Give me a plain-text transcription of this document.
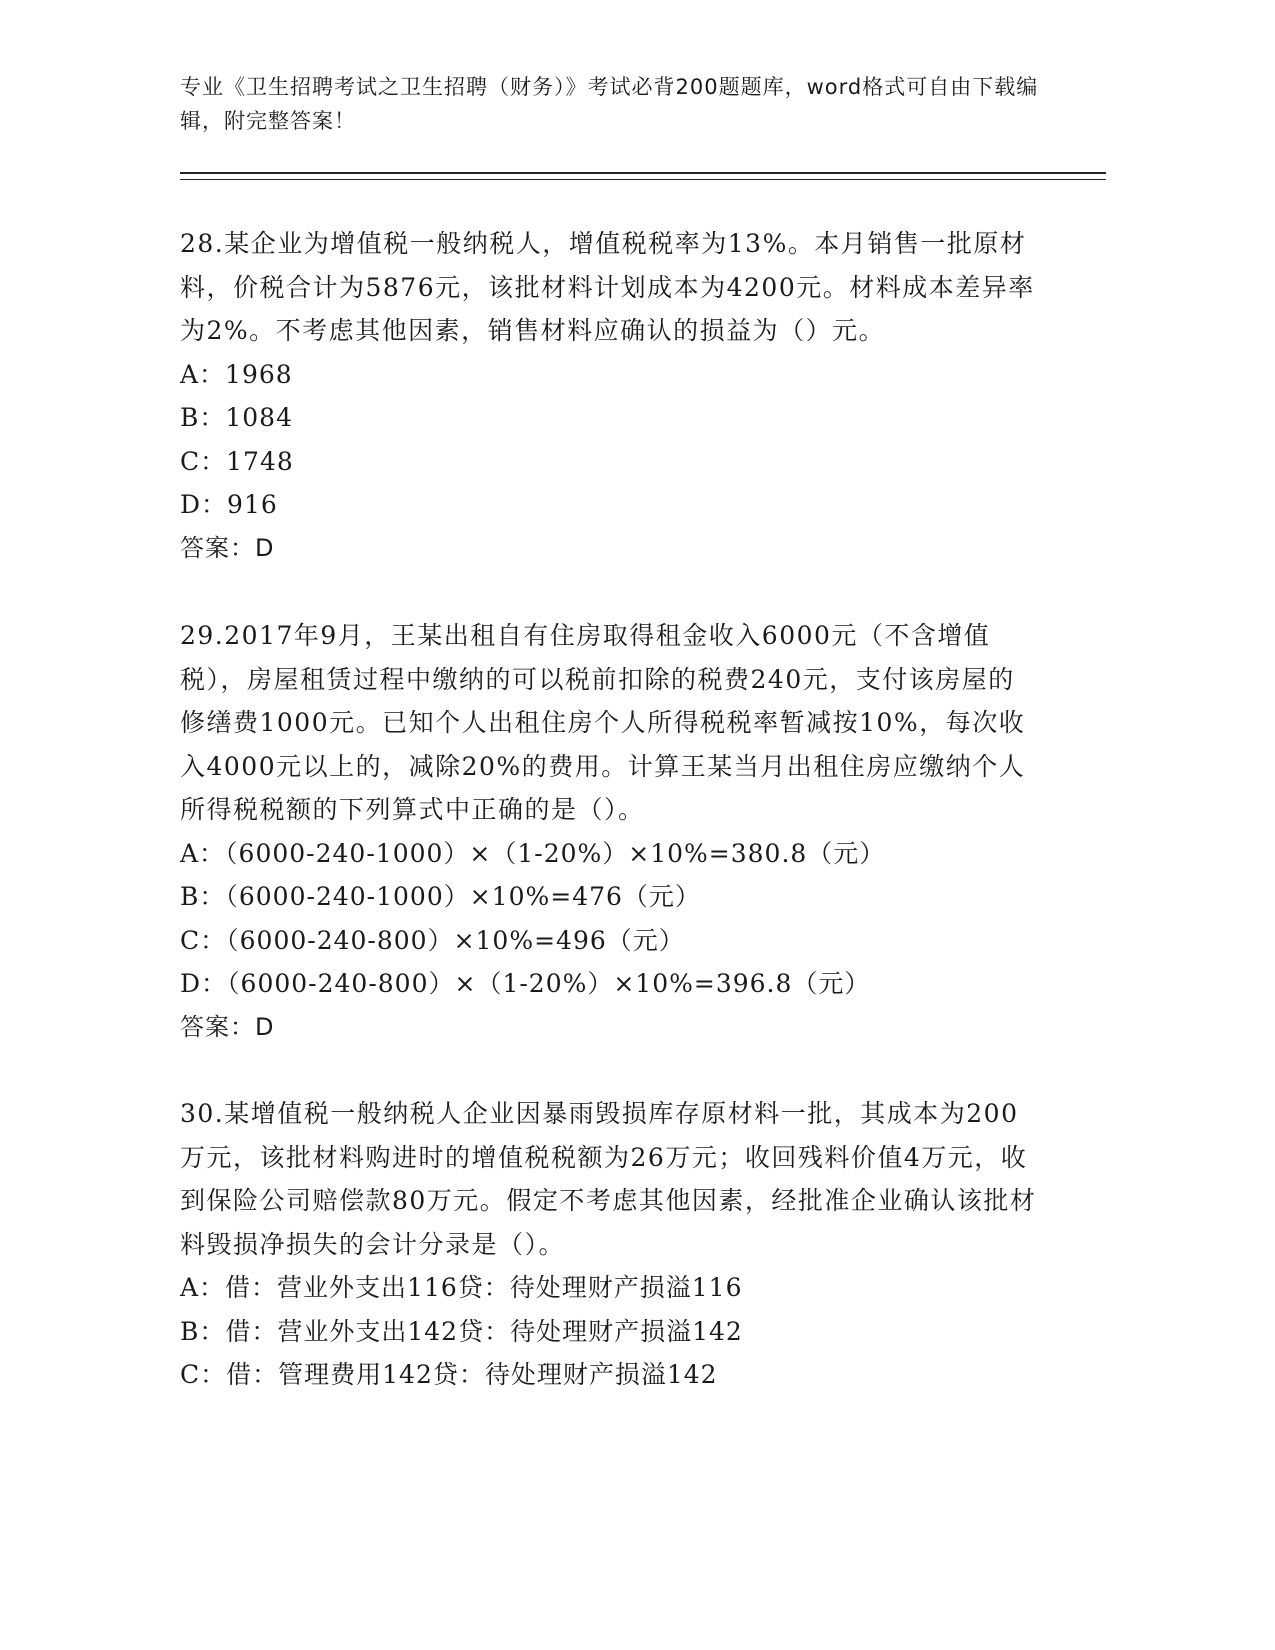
专业《卫生招聘考试之卫生招聘（财务）》考试必背200题题库，word格式可自由下载编辑，附完整答案！

28.某企业为增值税一般纳税人，增值税税率为13%。本月销售一批原材料，价税合计为5876元，该批材料计划成本为4200元。材料成本差异率为2%。不考虑其他因素，销售材料应确认的损益为（）元。

A：1968

B：1084

C：1748

D：916

答案：D

29.2017年9月，王某出租自有住房取得租金收入6000元（不含增值税），房屋租赁过程中缴纳的可以税前扣除的税费240元，支付该房屋的修缮费1000元。已知个人出租住房个人所得税税率暂减按10%，每次收入4000元以上的，减除20%的费用。计算王某当月出租住房应缴纳个人所得税税额的下列算式中正确的是（）。

A：（6000-240-1000）×（1-20%）×10%=380.8（元）

B：（6000-240-1000）×10%=476（元）

C：（6000-240-800）×10%=496（元）

D：（6000-240-800）×（1-20%）×10%=396.8（元）

答案：D

30.某增值税一般纳税人企业因暴雨毁损库存原材料一批，其成本为200万元，该批材料购进时的增值税税额为26万元；收回残料价值4万元，收到保险公司赔偿款80万元。假定不考虑其他因素，经批准企业确认该批材料毁损净损失的会计分录是（）。

A：借：营业外支出116贷：待处理财产损溢116

B：借：营业外支出142贷：待处理财产损溢142

C：借：管理费用142贷：待处理财产损溢142
